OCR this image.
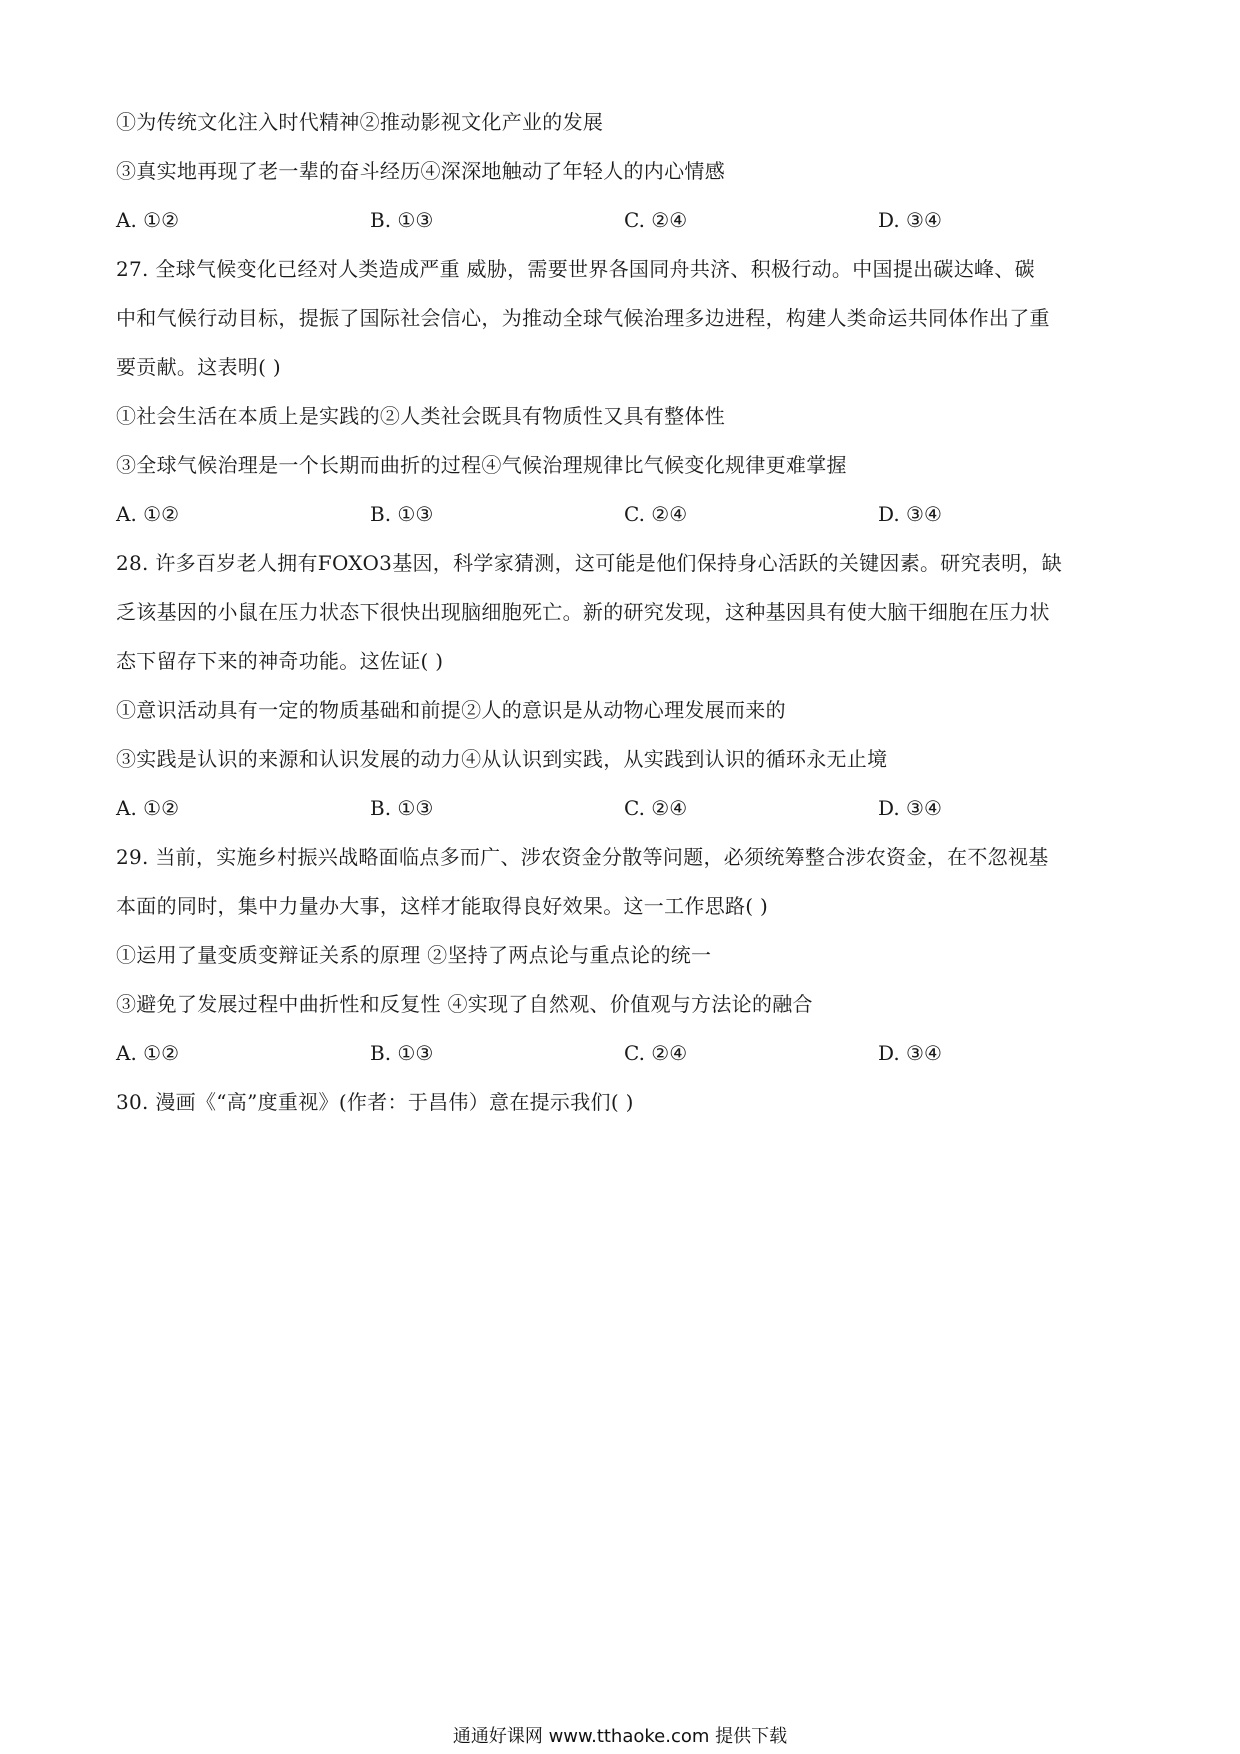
①为传统文化注入时代精神②推动影视文化产业的发展
③真实地再现了老一辈的奋斗经历④深深地触动了年轻人的内心情感
A. ①②	B. ①③	C. ②④	D. ③④
27. 全球气候变化已经对人类造成严重 威胁，需要世界各国同舟共济、积极行动。中国提出碳达峰、碳
中和气候行动目标，提振了国际社会信心，为推动全球气候治理多边进程，构建人类命运共同体作出了重
要贡献。这表明( )
①社会生活在本质上是实践的②人类社会既具有物质性又具有整体性
③全球气候治理是一个长期而曲折的过程④气候治理规律比气候变化规律更难掌握
A. ①②	B. ①③	C. ②④	D. ③④
28. 许多百岁老人拥有FOXO3基因，科学家猜测，这可能是他们保持身心活跃的关键因素。研究表明，缺
乏该基因的小鼠在压力状态下很快出现脑细胞死亡。新的研究发现，这种基因具有使大脑干细胞在压力状
态下留存下来的神奇功能。这佐证( )
①意识活动具有一定的物质基础和前提②人的意识是从动物心理发展而来的
③实践是认识的来源和认识发展的动力④从认识到实践，从实践到认识的循环永无止境
A. ①②	B. ①③	C. ②④	D. ③④
29. 当前，实施乡村振兴战略面临点多而广、涉农资金分散等问题，必须统筹整合涉农资金，在不忽视基
本面的同时，集中力量办大事，这样才能取得良好效果。这一工作思路( )
①运用了量变质变辩证关系的原理 ②坚持了两点论与重点论的统一
③避免了发展过程中曲折性和反复性 ④实现了自然观、价值观与方法论的融合
A. ①②	B. ①③	C. ②④	D. ③④
30. 漫画《“高”度重视》(作者：于昌伟）意在提示我们( )
通通好课网 www.tthaoke.com 提供下载
